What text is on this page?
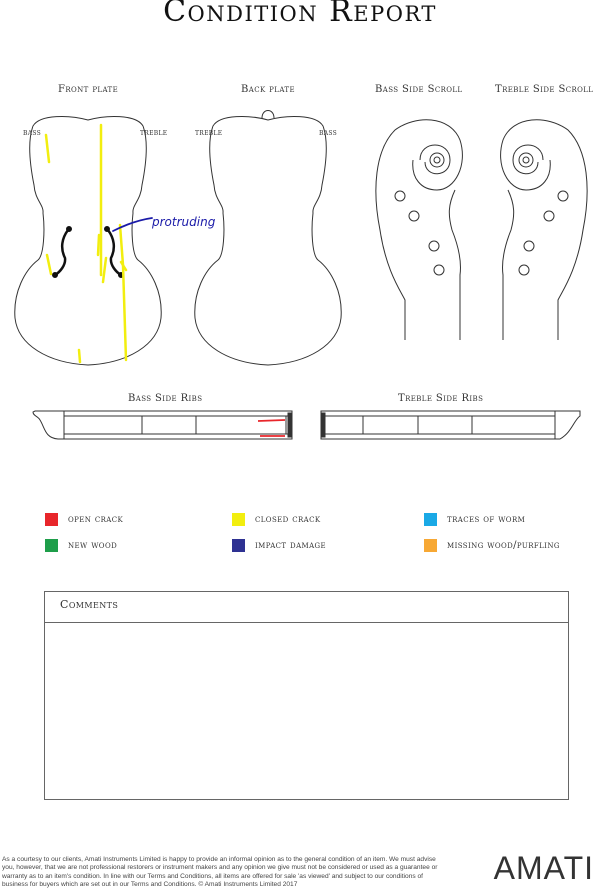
Condition Report
Front plate	Back plate	Bass Side Scroll	Treble Side Scroll
Bass Side Ribs	Treble Side Ribs
BASS	TREBLE	TREBLE	BASS
protruding
open crack	closed crack	traces of worm
new wood	impact damage	missing wood/purfling
Comments
As a courtesy to our clients, Amati Instruments Limited is happy to provide an informal opinion as to the general condition of an item. We must advise you, however, that we are not professional restorers or instrument makers and any opinion we give must not be considered or used as a guarantee or warranty as to an item's condition. In line with our Terms and Conditions, all items are offered for sale 'as viewed' and subject to our conditions of business for buyers which are set out in our Terms and Conditions. © Amati Instruments Limited 2017	AMATI
